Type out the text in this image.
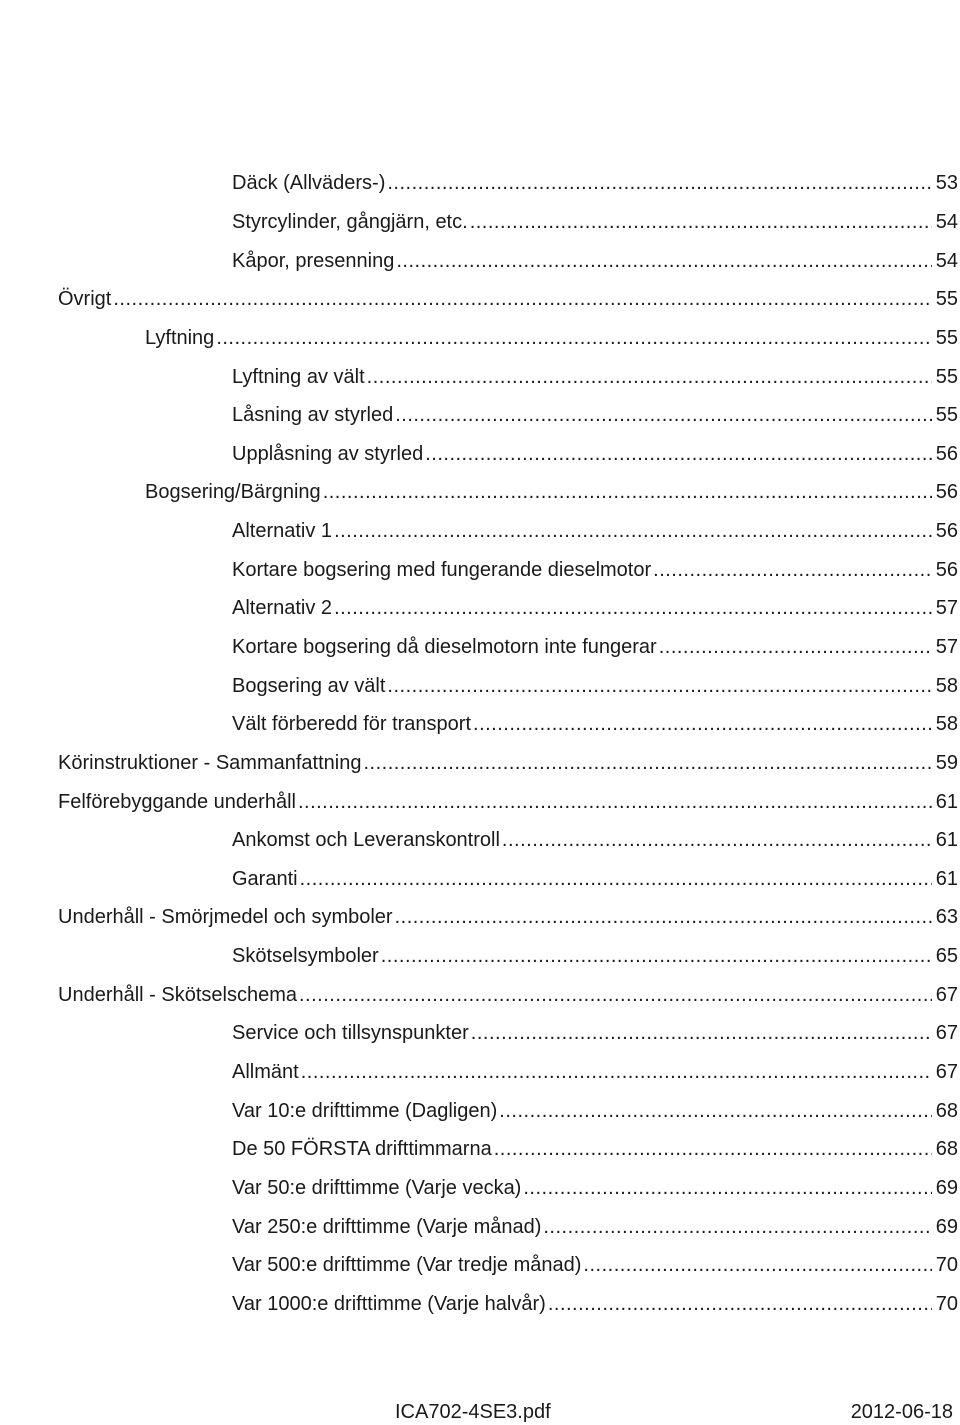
Däck (Allväders-) .....	53
Styrcylinder, gångjärn, etc. .....	54
Kåpor, presenning .....	54
Övrigt .....	55
Lyftning .....	55
Lyftning av vält .....	55
Låsning av styrled .....	55
Upplåsning av styrled .....	56
Bogsering/Bärgning .....	56
Alternativ 1 .....	56
Kortare bogsering med fungerande dieselmotor .....	56
Alternativ 2 .....	57
Kortare bogsering då dieselmotorn inte fungerar .....	57
Bogsering av vält .....	58
Vält förberedd för transport .....	58
Körinstruktioner - Sammanfattning .....	59
Felförebyggande underhåll .....	61
Ankomst och Leveranskontroll .....	61
Garanti .....	61
Underhåll - Smörjmedel och symboler .....	63
Skötselsymboler .....	65
Underhåll - Skötselschema .....	67
Service och tillsynspunkter .....	67
Allmänt .....	67
Var 10:e drifttimme (Dagligen) .....	68
De 50 FÖRSTA drifttimmarna .....	68
Var 50:e drifttimme (Varje vecka) .....	69
Var 250:e drifttimme (Varje månad) .....	69
Var 500:e drifttimme (Var tredje månad) .....	70
Var 1000:e drifttimme (Varje halvår) .....	70
ICA702-4SE3.pdf	2012-06-18
